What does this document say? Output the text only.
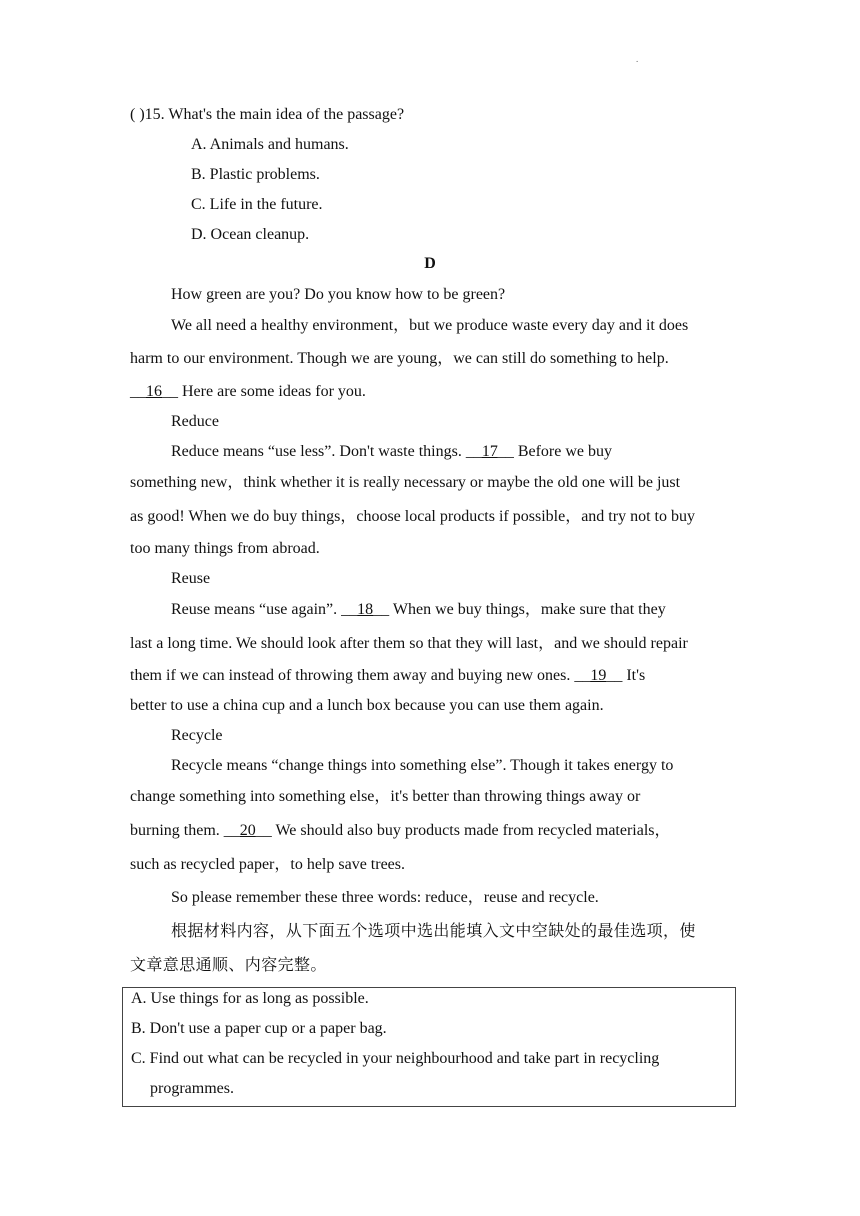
.
( )15. What's the main idea of the passage?
A. Animals and humans.
B. Plastic problems.
C. Life in the future.
D. Ocean cleanup.
D
How green are you? Do you know how to be green?
We all need a healthy environment，but we produce waste every day and it does
harm to our environment. Though we are young，we can still do something to help.
__16__ Here are some ideas for you.
Reduce
Reduce means “use less”. Don't waste things. __17__ Before we buy
something new，think whether it is really necessary or maybe the old one will be just
as good! When we do buy things，choose local products if possible，and try not to buy
too many things from abroad.
Reuse
Reuse means “use again”. __18__ When we buy things，make sure that they
last a long time. We should look after them so that they will last，and we should repair
them if we can instead of throwing them away and buying new ones. __19__ It's
better to use a china cup and a lunch box because you can use them again.
Recycle
Recycle means “change things into something else”. Though it takes energy to
change something into something else，it's better than throwing things away or
burning them. __20__ We should also buy products made from recycled materials，
such as recycled paper，to help save trees.
So please remember these three words: reduce，reuse and recycle.
根据材料内容，从下面五个选项中选出能填入文中空缺处的最佳选项，使
文章意思通顺、内容完整。
A. Use things for as long as possible.
B. Don't use a paper cup or a paper bag.
C. Find out what can be recycled in your neighbourhood and take part in recycling
programmes.
